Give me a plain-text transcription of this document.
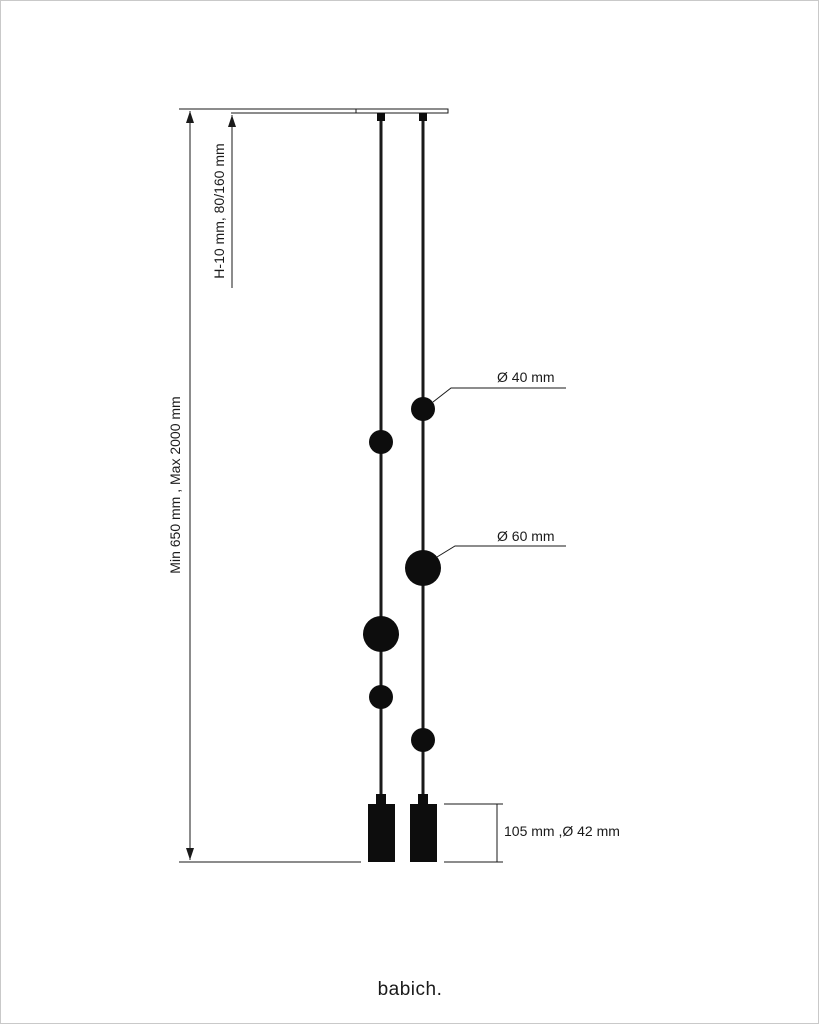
Min 650 mm , Max 2000 mm
H-10 mm, 80/160 mm
Ø 40 mm
Ø 60 mm
105 mm ,Ø 42 mm
babich.
